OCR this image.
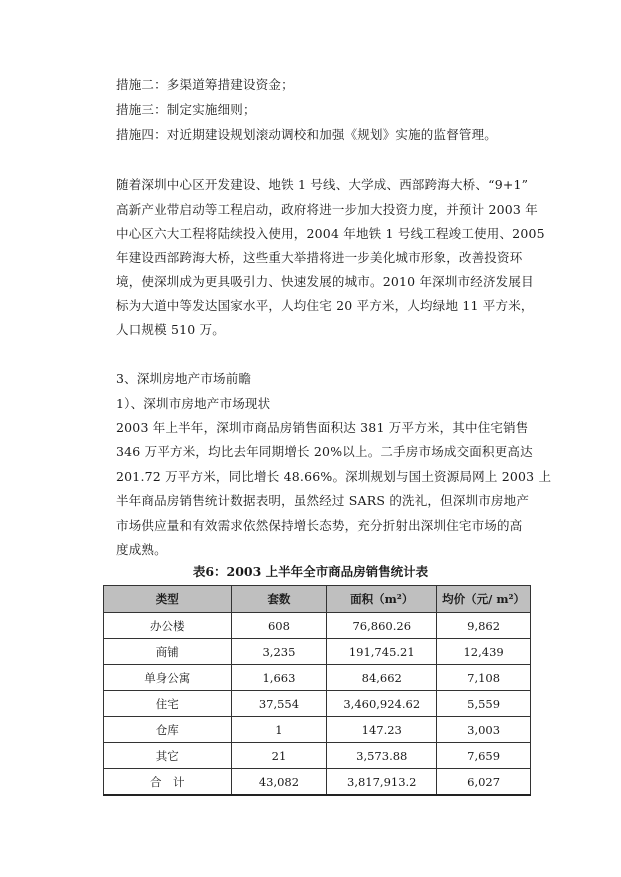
措施二：多渠道筹措建设资金；
措施三：制定实施细则；
措施四：对近期建设规划滚动调校和加强《规划》实施的监督管理。
随着深圳中心区开发建设、地铁 1 号线、大学成、西部跨海大桥、“9+1”
高新产业带启动等工程启动，政府将进一步加大投资力度，并预计 2003 年
中心区六大工程将陆续投入使用，2004 年地铁 1 号线工程竣工使用、2005
年建设西部跨海大桥，这些重大举措将进一步美化城市形象，改善投资环
境，使深圳成为更具吸引力、快速发展的城市。2010 年深圳市经济发展目
标为大道中等发达国家水平，人均住宅 20 平方米，人均绿地 11 平方米，
人口规模 510 万。
3、深圳房地产市场前瞻
1）、深圳市房地产市场现状
2003 年上半年，深圳市商品房销售面积达 381 万平方米，其中住宅销售
346 万平方米，均比去年同期增长 20%以上。二手房市场成交面积更高达
201.72 万平方米，同比增长 48.66%。深圳规划与国土资源局网上 2003 上
半年商品房销售统计数据表明，虽然经过 SARS 的洗礼，但深圳市房地产
市场供应量和有效需求依然保持增长态势，充分折射出深圳住宅市场的高
度成熟。
表6：2003 上半年全市商品房销售统计表
类型	套数	面积（m²）	均价（元/ m²）
办公楼	608	76,860.26	9,862
商铺	3,235	191,745.21	12,439
单身公寓	1,663	84,662	7,108
住宅	37,554	3,460,924.62	5,559
仓库	1	147.23	3,003
其它	21	3,573.88	7,659
合　计	43,082	3,817,913.2	6,027
